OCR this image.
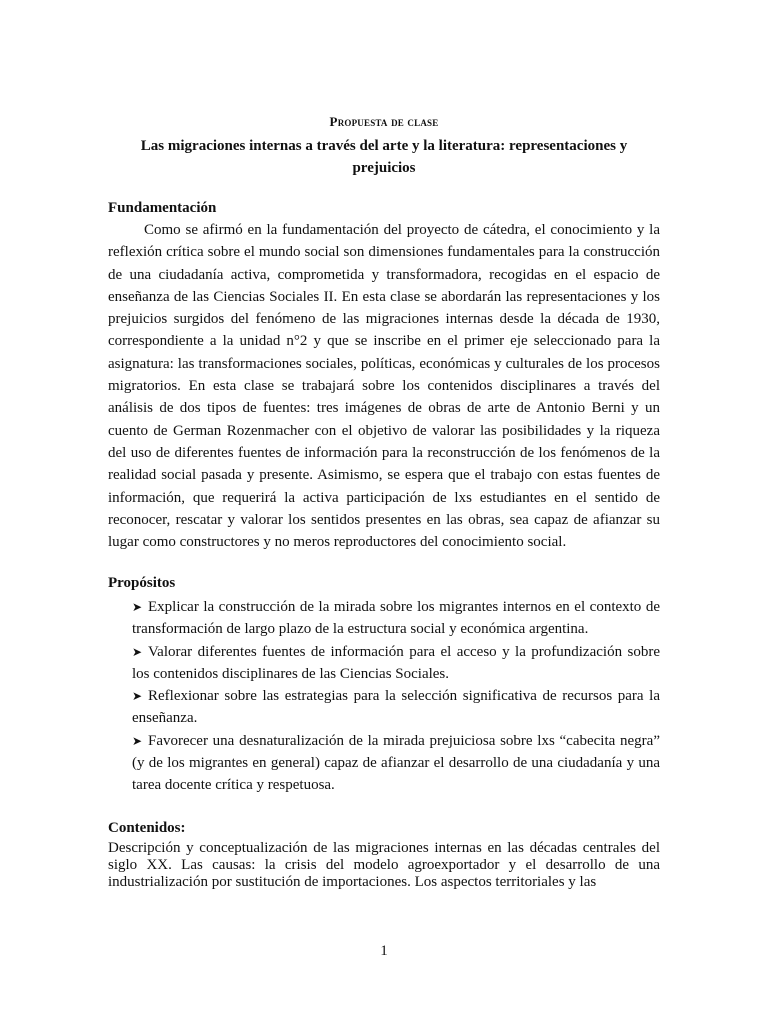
Propuesta de clase
Las migraciones internas a través del arte y la literatura: representaciones y prejuicios
Fundamentación
Como se afirmó en la fundamentación del proyecto de cátedra, el conocimiento y la reflexión crítica sobre el mundo social son dimensiones fundamentales para la construcción de una ciudadanía activa, comprometida y transformadora, recogidas en el espacio de enseñanza de las Ciencias Sociales II. En esta clase se abordarán las representaciones y los prejuicios surgidos del fenómeno de las migraciones internas desde la década de 1930, correspondiente a la unidad n°2 y que se inscribe en el primer eje seleccionado para la asignatura: las transformaciones sociales, políticas, económicas y culturales de los procesos migratorios. En esta clase se trabajará sobre los contenidos disciplinares a través del análisis de dos tipos de fuentes: tres imágenes de obras de arte de Antonio Berni y un cuento de German Rozenmacher con el objetivo de valorar las posibilidades y la riqueza del uso de diferentes fuentes de información para la reconstrucción de los fenómenos de la realidad social pasada y presente. Asimismo, se espera que el trabajo con estas fuentes de información, que requerirá la activa participación de lxs estudiantes en el sentido de reconocer, rescatar y valorar los sentidos presentes en las obras, sea capaz de afianzar su lugar como constructores y no meros reproductores del conocimiento social.
Propósitos

➤ Explicar la construcción de la mirada sobre los migrantes internos en el contexto de transformación de largo plazo de la estructura social y económica argentina.

➤ Valorar diferentes fuentes de información para el acceso y la profundización sobre los contenidos disciplinares de las Ciencias Sociales.

➤ Reflexionar sobre las estrategias para la selección significativa de recursos para la enseñanza.

➤ Favorecer una desnaturalización de la mirada prejuiciosa sobre lxs “cabecita negra” (y de los migrantes en general) capaz de afianzar el desarrollo de una ciudadanía y una tarea docente crítica y respetuosa.

Contenidos:
Descripción y conceptualización de las migraciones internas en las décadas centrales del siglo XX. Las causas: la crisis del modelo agroexportador y el desarrollo de una industrialización por sustitución de importaciones. Los aspectos territoriales y las
1
